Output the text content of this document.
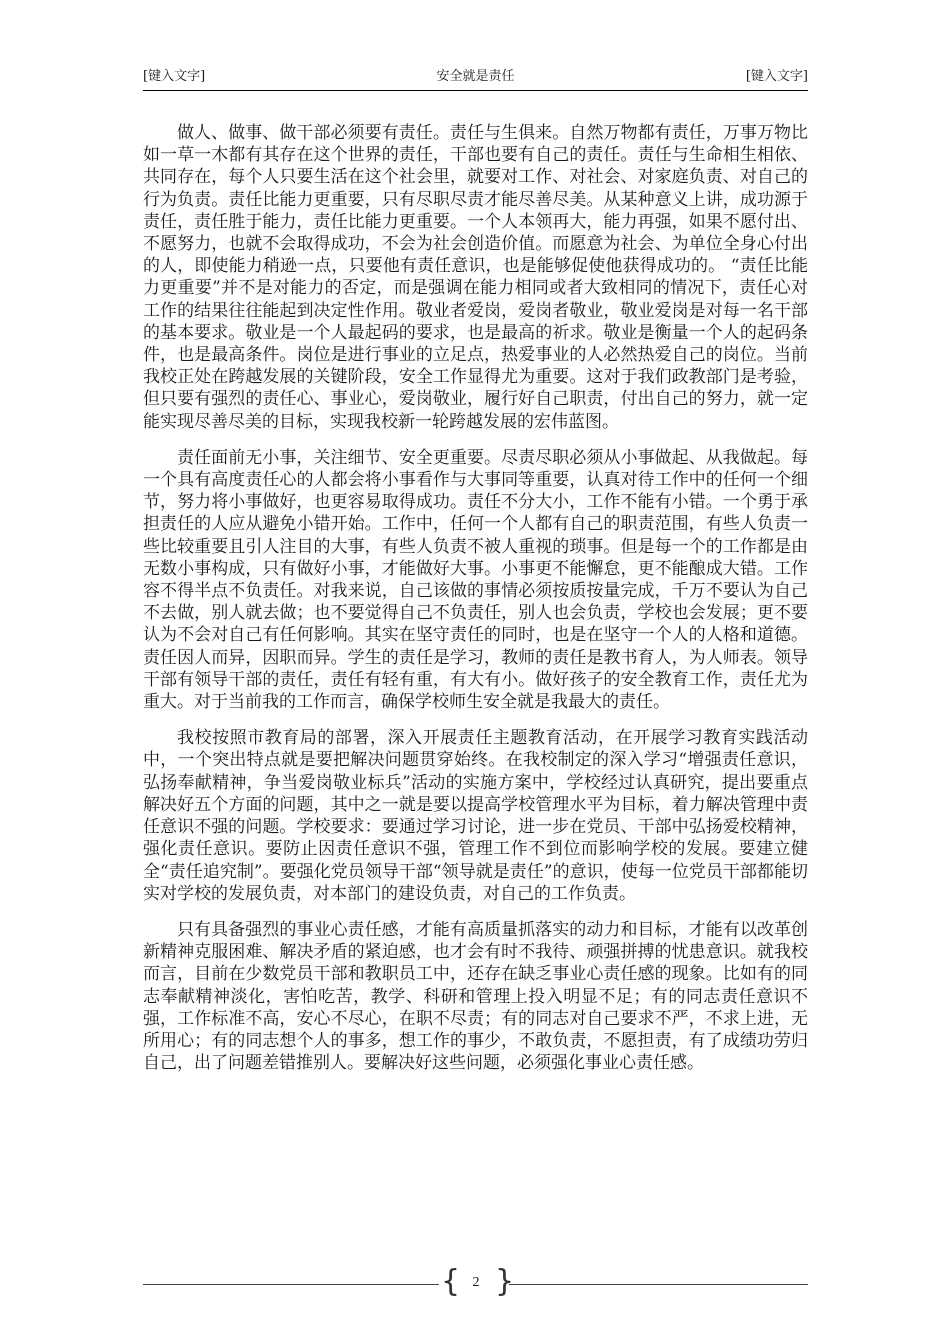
[键入文字]	安全就是责任	[键入文字]

做人、做事、做干部必须要有责任。责任与生俱来。自然万物都有责任，万事万物比如一草一木都有其存在这个世界的责任，干部也要有自己的责任。责任与生命相生相依、共同存在，每个人只要生活在这个社会里，就要对工作、对社会、对家庭负责、对自己的行为负责。责任比能力更重要，只有尽职尽责才能尽善尽美。从某种意义上讲，成功源于责任，责任胜于能力，责任比能力更重要。一个人本领再大，能力再强，如果不愿付出、不愿努力，也就不会取得成功，不会为社会创造价值。而愿意为社会、为单位全身心付出的人，即使能力稍逊一点，只要他有责任意识，也是能够促使他获得成功的。 “责任比能力更重要”并不是对能力的否定，而是强调在能力相同或者大致相同的情况下，责任心对工作的结果往往能起到决定性作用。敬业者爱岗，爱岗者敬业，敬业爱岗是对每一名干部的基本要求。敬业是一个人最起码的要求，也是最高的祈求。敬业是衡量一个人的起码条件，也是最高条件。岗位是进行事业的立足点，热爱事业的人必然热爱自己的岗位。当前我校正处在跨越发展的关键阶段，安全工作显得尤为重要。这对于我们政教部门是考验，但只要有强烈的责任心、事业心，爱岗敬业，履行好自己职责，付出自己的努力，就一定能实现尽善尽美的目标，实现我校新一轮跨越发展的宏伟蓝图。

责任面前无小事，关注细节、安全更重要。尽责尽职必须从小事做起、从我做起。每一个具有高度责任心的人都会将小事看作与大事同等重要，认真对待工作中的任何一个细节，努力将小事做好，也更容易取得成功。责任不分大小，工作不能有小错。一个勇于承担责任的人应从避免小错开始。工作中，任何一个人都有自己的职责范围，有些人负责一些比较重要且引人注目的大事，有些人负责不被人重视的琐事。但是每一个的工作都是由无数小事构成，只有做好小事，才能做好大事。小事更不能懈怠，更不能酿成大错。工作容不得半点不负责任。对我来说，自己该做的事情必须按质按量完成，千万不要认为自己不去做，别人就去做；也不要觉得自己不负责任，别人也会负责，学校也会发展；更不要认为不会对自己有任何影响。其实在坚守责任的同时，也是在坚守一个人的人格和道德。责任因人而异，因职而异。学生的责任是学习，教师的责任是教书育人，为人师表。领导干部有领导干部的责任，责任有轻有重，有大有小。做好孩子的安全教育工作，责任尤为重大。对于当前我的工作而言，确保学校师生安全就是我最大的责任。

我校按照市教育局的部署，深入开展责任主题教育活动，在开展学习教育实践活动中，一个突出特点就是要把解决问题贯穿始终。在我校制定的深入学习“增强责任意识，弘扬奉献精神，争当爱岗敬业标兵”活动的实施方案中，学校经过认真研究，提出要重点解决好五个方面的问题，其中之一就是要以提高学校管理水平为目标，着力解决管理中责任意识不强的问题。学校要求：要通过学习讨论，进一步在党员、干部中弘扬爱校精神，强化责任意识。要防止因责任意识不强，管理工作不到位而影响学校的发展。要建立健全“责任追究制”。要强化党员领导干部“领导就是责任”的意识，使每一位党员干部都能切实对学校的发展负责，对本部门的建设负责，对自己的工作负责。

只有具备强烈的事业心责任感，才能有高质量抓落实的动力和目标，才能有以改革创新精神克服困难、解决矛盾的紧迫感，也才会有时不我待、顽强拼搏的忧患意识。就我校而言，目前在少数党员干部和教职员工中，还存在缺乏事业心责任感的现象。比如有的同志奉献精神淡化，害怕吃苦，教学、科研和管理上投入明显不足；有的同志责任意识不强，工作标准不高，安心不尽心，在职不尽责；有的同志对自己要求不严，不求上进，无所用心；有的同志想个人的事多，想工作的事少，不敢负责，不愿担责，有了成绩功劳归自己，出了问题差错推别人。要解决好这些问题，必须强化事业心责任感。

{ 2 }
